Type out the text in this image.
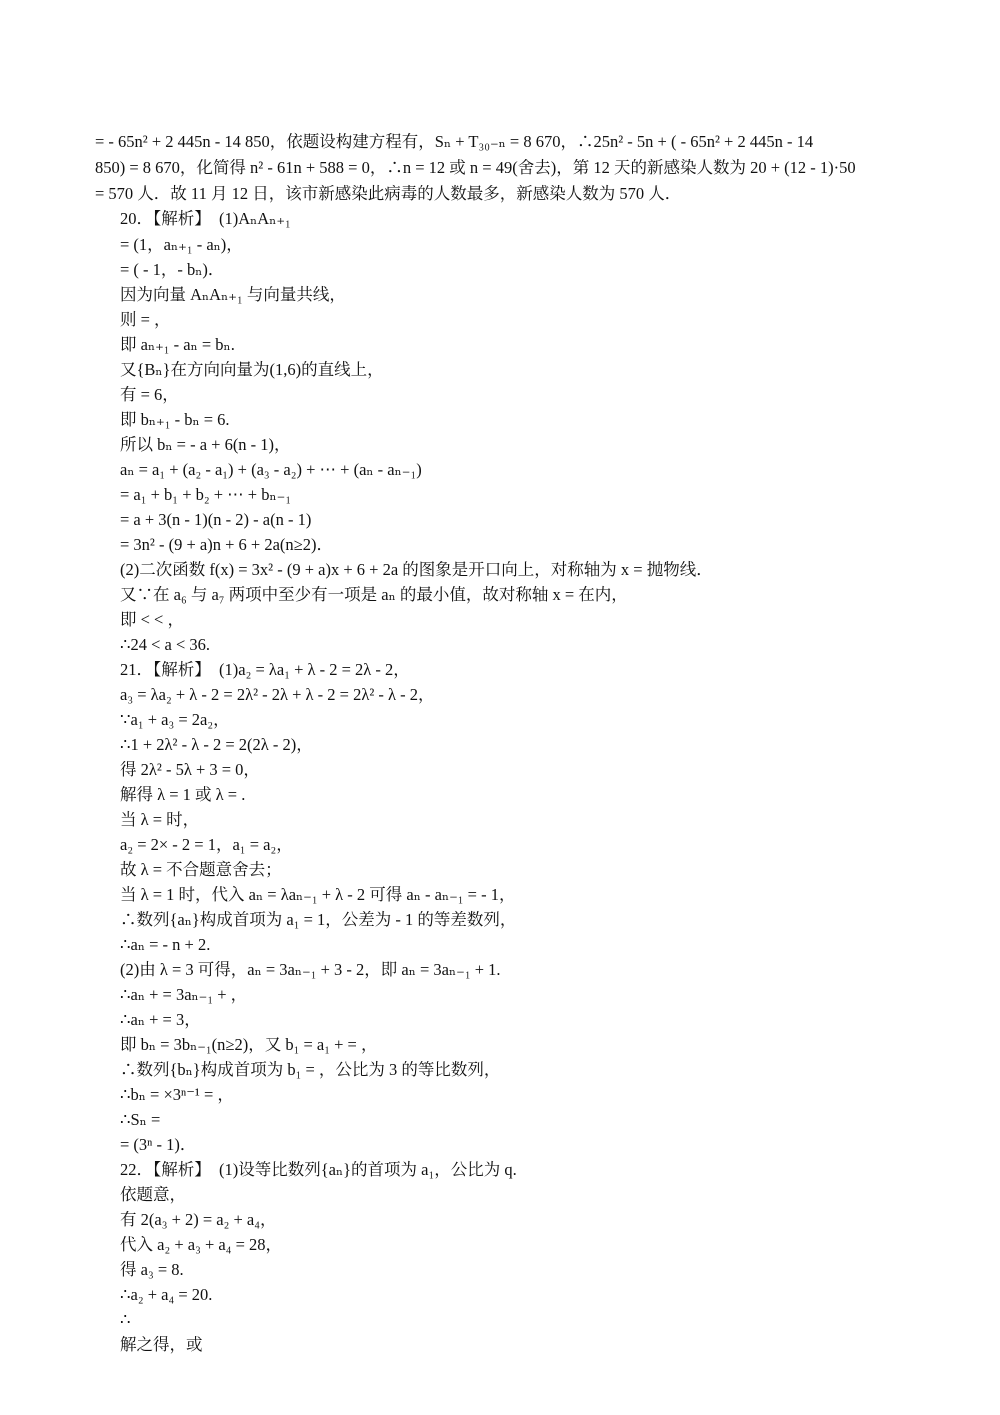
= - 65n² + 2 445n - 14 850，依题设构建方程有，Sₙ + T₃₀₋ₙ = 8 670，∴25n² - 5n + ( - 65n² + 2 445n - 14
850) = 8 670，化简得 n² - 61n + 588 = 0，∴n = 12 或 n = 49(舍去)，第 12 天的新感染人数为 20 + (12 - 1)·50
= 570 人．故 11 月 12 日，该市新感染此病毒的人数最多，新感染人数为 570 人．
20．【解析】　(1)AₙAₙ₊₁
= (1，aₙ₊₁ - aₙ)，
= ( - 1，- bₙ)．
因为向量 AₙAₙ₊₁ 与向量共线，
则 = ，
即 aₙ₊₁ - aₙ = bₙ.
又{Bₙ}在方向向量为(1,6)的直线上，
有 = 6，
即 bₙ₊₁ - bₙ = 6.
所以 bₙ = - a + 6(n - 1)，
aₙ = a₁ + (a₂ - a₁) + (a₃ - a₂) + ⋯ + (aₙ - aₙ₋₁)
= a₁ + b₁ + b₂ + ⋯ + bₙ₋₁
= a + 3(n - 1)(n - 2) - a(n - 1)
= 3n² - (9 + a)n + 6 + 2a(n≥2)．
(2)二次函数 f(x) = 3x² - (9 + a)x + 6 + 2a 的图象是开口向上，对称轴为 x = 抛物线．
又∵在 a₆ 与 a₇ 两项中至少有一项是 aₙ 的最小值，故对称轴 x = 在内，
即 < < ，
∴24 < a < 36.
21．【解析】　(1)a₂ = λa₁ + λ - 2 = 2λ - 2，
a₃ = λa₂ + λ - 2 = 2λ² - 2λ + λ - 2 = 2λ² - λ - 2，
∵a₁ + a₃ = 2a₂，
∴1 + 2λ² - λ - 2 = 2(2λ - 2)，
得 2λ² - 5λ + 3 = 0，
解得 λ = 1 或 λ = .
当 λ = 时，
a₂ = 2× - 2 = 1，a₁ = a₂，
故 λ = 不合题意舍去；
当 λ = 1 时，代入 aₙ = λaₙ₋₁ + λ - 2 可得 aₙ - aₙ₋₁ = - 1，
∴数列{aₙ}构成首项为 a₁ = 1，公差为 - 1 的等差数列，
∴aₙ = - n + 2.
(2)由 λ = 3 可得，aₙ = 3aₙ₋₁ + 3 - 2，即 aₙ = 3aₙ₋₁ + 1.
∴aₙ + = 3aₙ₋₁ + ，
∴aₙ + = 3，
即 bₙ = 3bₙ₋₁(n≥2)，又 b₁ = a₁ + = ，
∴数列{bₙ}构成首项为 b₁ = ，公比为 3 的等比数列，
∴bₙ = ×3ⁿ⁻¹ = ，
∴Sₙ =
= (3ⁿ - 1)．
22．【解析】　(1)设等比数列{aₙ}的首项为 a₁，公比为 q.
依题意，
有 2(a₃ + 2) = a₂ + a₄，
代入 a₂ + a₃ + a₄ = 28，
得 a₃ = 8.
∴a₂ + a₄ = 20.
∴
解之得，或
